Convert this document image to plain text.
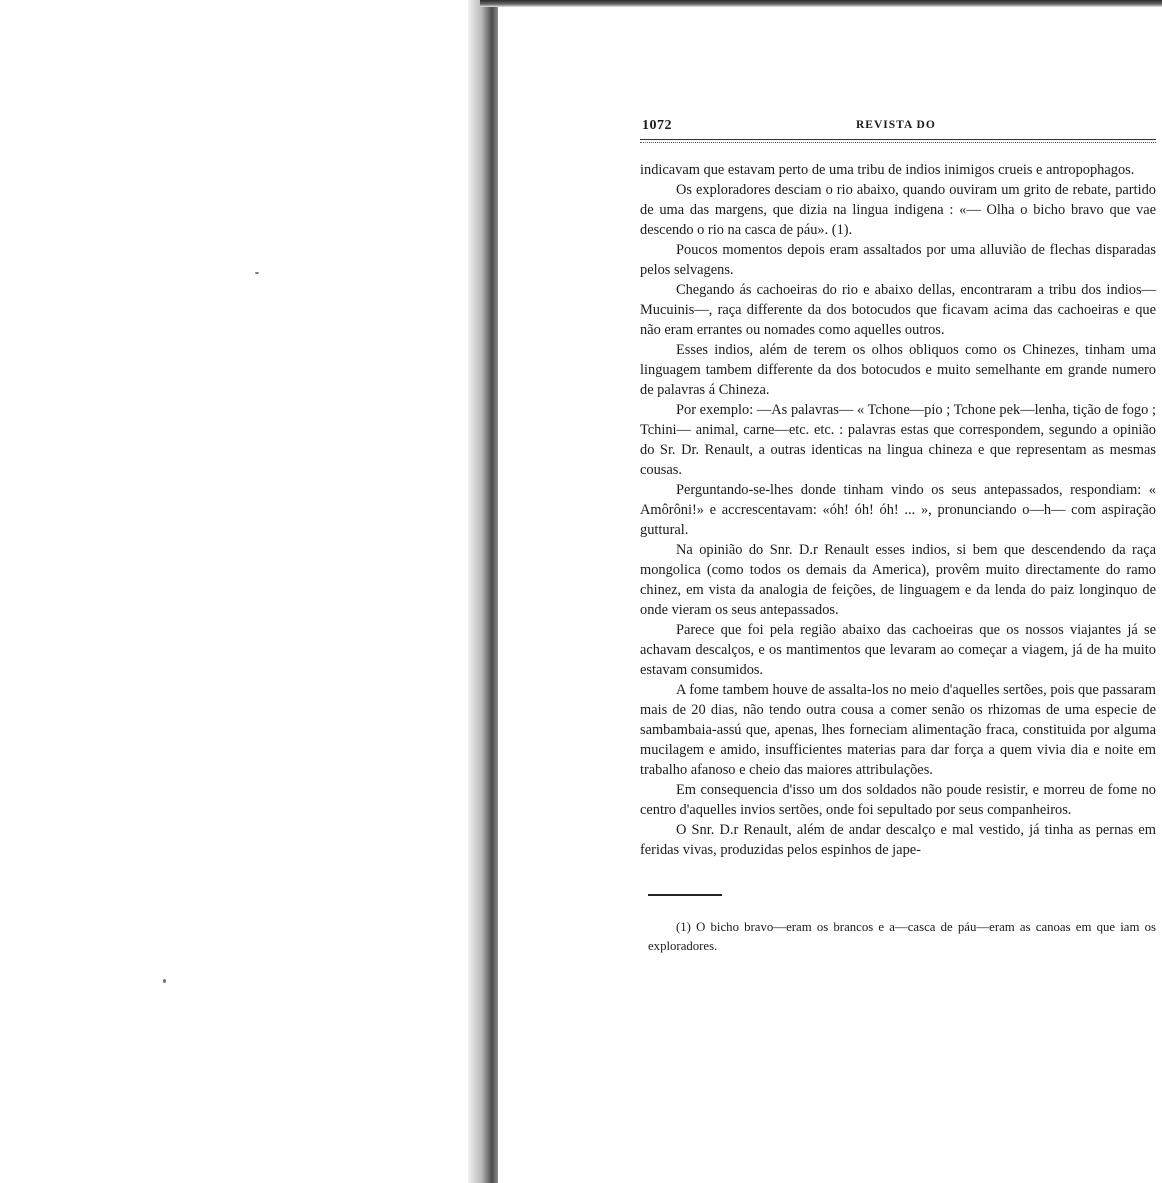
1072	REVISTA DO

indicavam que estavam perto de uma tribu de indios inimigos crueis e antropophagos.

Os exploradores desciam o rio abaixo, quando ouviram um grito de rebate, partido de uma das margens, que dizia na lingua indigena : «— Olha o bicho bravo que vae descendo o rio na casca de páu». (1).

Poucos momentos depois eram assaltados por uma alluvião de flechas disparadas pelos selvagens.

Chegando ás cachoeiras do rio e abaixo dellas, encontraram a tribu dos indios—Mucuinis—, raça differente da dos botocudos que ficavam acima das cachoeiras e que não eram errantes ou nomades como aquelles outros.

Esses indios, além de terem os olhos obliquos como os Chinezes, tinham uma linguagem tambem differente da dos botocudos e muito semelhante em grande numero de palavras á Chineza.

Por exemplo: —As palavras— « Tchone—pio ; Tchone pek—lenha, tição de fogo ; Tchini— animal, carne—etc. etc. : palavras estas que correspondem, segundo a opinião do Sr. Dr. Renault, a outras identicas na lingua chineza e que representam as mesmas cousas.

Perguntando-se-lhes donde tinham vindo os seus antepassados, respondiam: « Amôrôni!» e accrescentavam: «óh! óh! óh! ... », pronunciando o—h— com aspiração guttural.

Na opinião do Snr. D.r Renault esses indios, si bem que descendendo da raça mongolica (como todos os demais da America), provêm muito directamente do ramo chinez, em vista da analogia de feições, de linguagem e da lenda do paiz longinquo de onde vieram os seus antepassados.

Parece que foi pela região abaixo das cachoeiras que os nossos viajantes já se achavam descalços, e os mantimentos que levaram ao começar a viagem, já de ha muito estavam consumidos.

A fome tambem houve de assalta-los no meio d'aquelles sertões, pois que passaram mais de 20 dias, não tendo outra cousa a comer senão os rhizomas de uma especie de sambambaia-assú que, apenas, lhes forneciam alimentação fraca, constituida por alguma mucilagem e amido, insufficientes materias para dar força a quem vivia dia e noite em trabalho afanoso e cheio das maiores attribulações.

Em consequencia d'isso um dos soldados não poude resistir, e morreu de fome no centro d'aquelles invios sertões, onde foi sepultado por seus companheiros.

O Snr. D.r Renault, além de andar descalço e mal vestido, já tinha as pernas em feridas vivas, produzidas pelos espinhos de jape-

(1) O bicho bravo—eram os brancos e a—casca de páu—eram as canoas em que iam os exploradores.
